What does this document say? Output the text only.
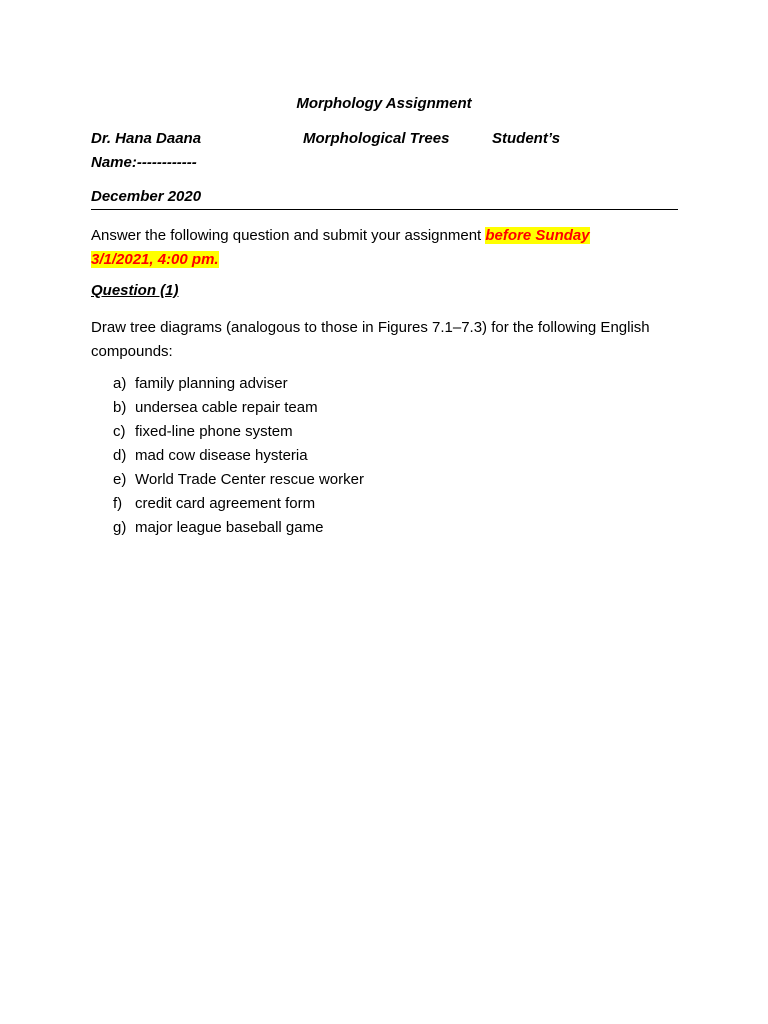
Morphology Assignment
Dr. Hana Daana	Morphological Trees	Student’s
Name:------------
December 2020
Answer the following question and submit your assignment before Sunday
3/1/2021, 4:00 pm.
Question (1)
Draw tree diagrams (analogous to those in Figures 7.1–7.3) for the following English compounds:
a) family planning adviser
b) undersea cable repair team
c) fixed-line phone system
d) mad cow disease hysteria
e) World Trade Center rescue worker
f) credit card agreement form
g) major league baseball game
